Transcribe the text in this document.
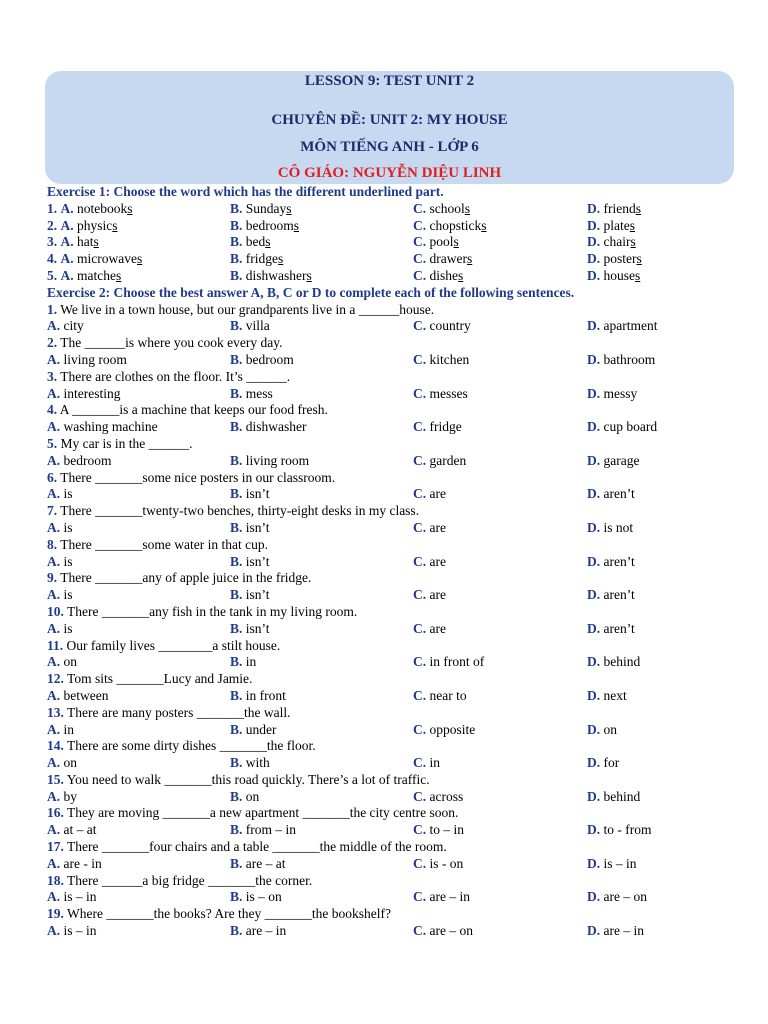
LESSON 9: TEST UNIT 2
CHUYÊN ĐỀ: UNIT 2: MY HOUSE
MÔN TIẾNG ANH - LỚP 6
CÔ GIÁO: NGUYỄN DIỆU LINH
Exercise 1: Choose the word which has the different underlined part.
1. A. notebooks	B. Sundays	C. schools	D. friends
2. A. physics	B. bedrooms	C. chopsticks	D. plates
3. A. hats	B. beds	C. pools	D. chairs
4. A. microwaves	B. fridges	C. drawers	D. posters
5. A. matches	B. dishwashers	C. dishes	D. houses
Exercise 2: Choose the best answer A, B, C or D to complete each of the following sentences.
1. We live in a town house, but our grandparents live in a ______house.
A. city	B. villa	C. country	D. apartment
2. The ______is where you cook every day.
A. living room	B. bedroom	C. kitchen	D. bathroom
3. There are clothes on the floor. It’s ______.
A. interesting	B. mess	C. messes	D. messy
4. A _______is a machine that keeps our food fresh.
A. washing machine	B. dishwasher	C. fridge	D. cup board
5. My car is in the ______.
A. bedroom	B. living room	C. garden	D. garage
6. There _______some nice posters in our classroom.
A. is	B. isn’t	C. are	D. aren’t
7. There _______twenty-two benches, thirty-eight desks in my class.
A. is	B. isn’t	C. are	D. is not
8. There _______some water in that cup.
A. is	B. isn’t	C. are	D. aren’t
9. There _______any of apple juice in the fridge.
A. is	B. isn’t	C. are	D. aren’t
10. There _______any fish in the tank in my living room.
A. is	B. isn’t	C. are	D. aren’t
11. Our family lives ________a stilt house.
A. on	B. in	C. in front of	D. behind
12. Tom sits _______Lucy and Jamie.
A. between	B. in front	C. near to	D. next
13. There are many posters _______the wall.
A. in	B. under	C. opposite	D. on
14. There are some dirty dishes _______the floor.
A. on	B. with	C. in	D. for
15. You need to walk _______this road quickly. There’s a lot of traffic.
A. by	B. on	C. across	D. behind
16. They are moving _______a new apartment _______the city centre soon.
A. at – at	B. from – in	C. to – in	D. to - from
17. There _______four chairs and a table _______the middle of the room.
A. are - in	B. are – at	C. is - on	D. is – in
18. There ______a big fridge _______the corner.
A. is – in	B. is – on	C. are – in	D. are – on
19. Where _______the books? Are they _______the bookshelf?
A. is – in	B. are – in	C. are – on	D. are – in
